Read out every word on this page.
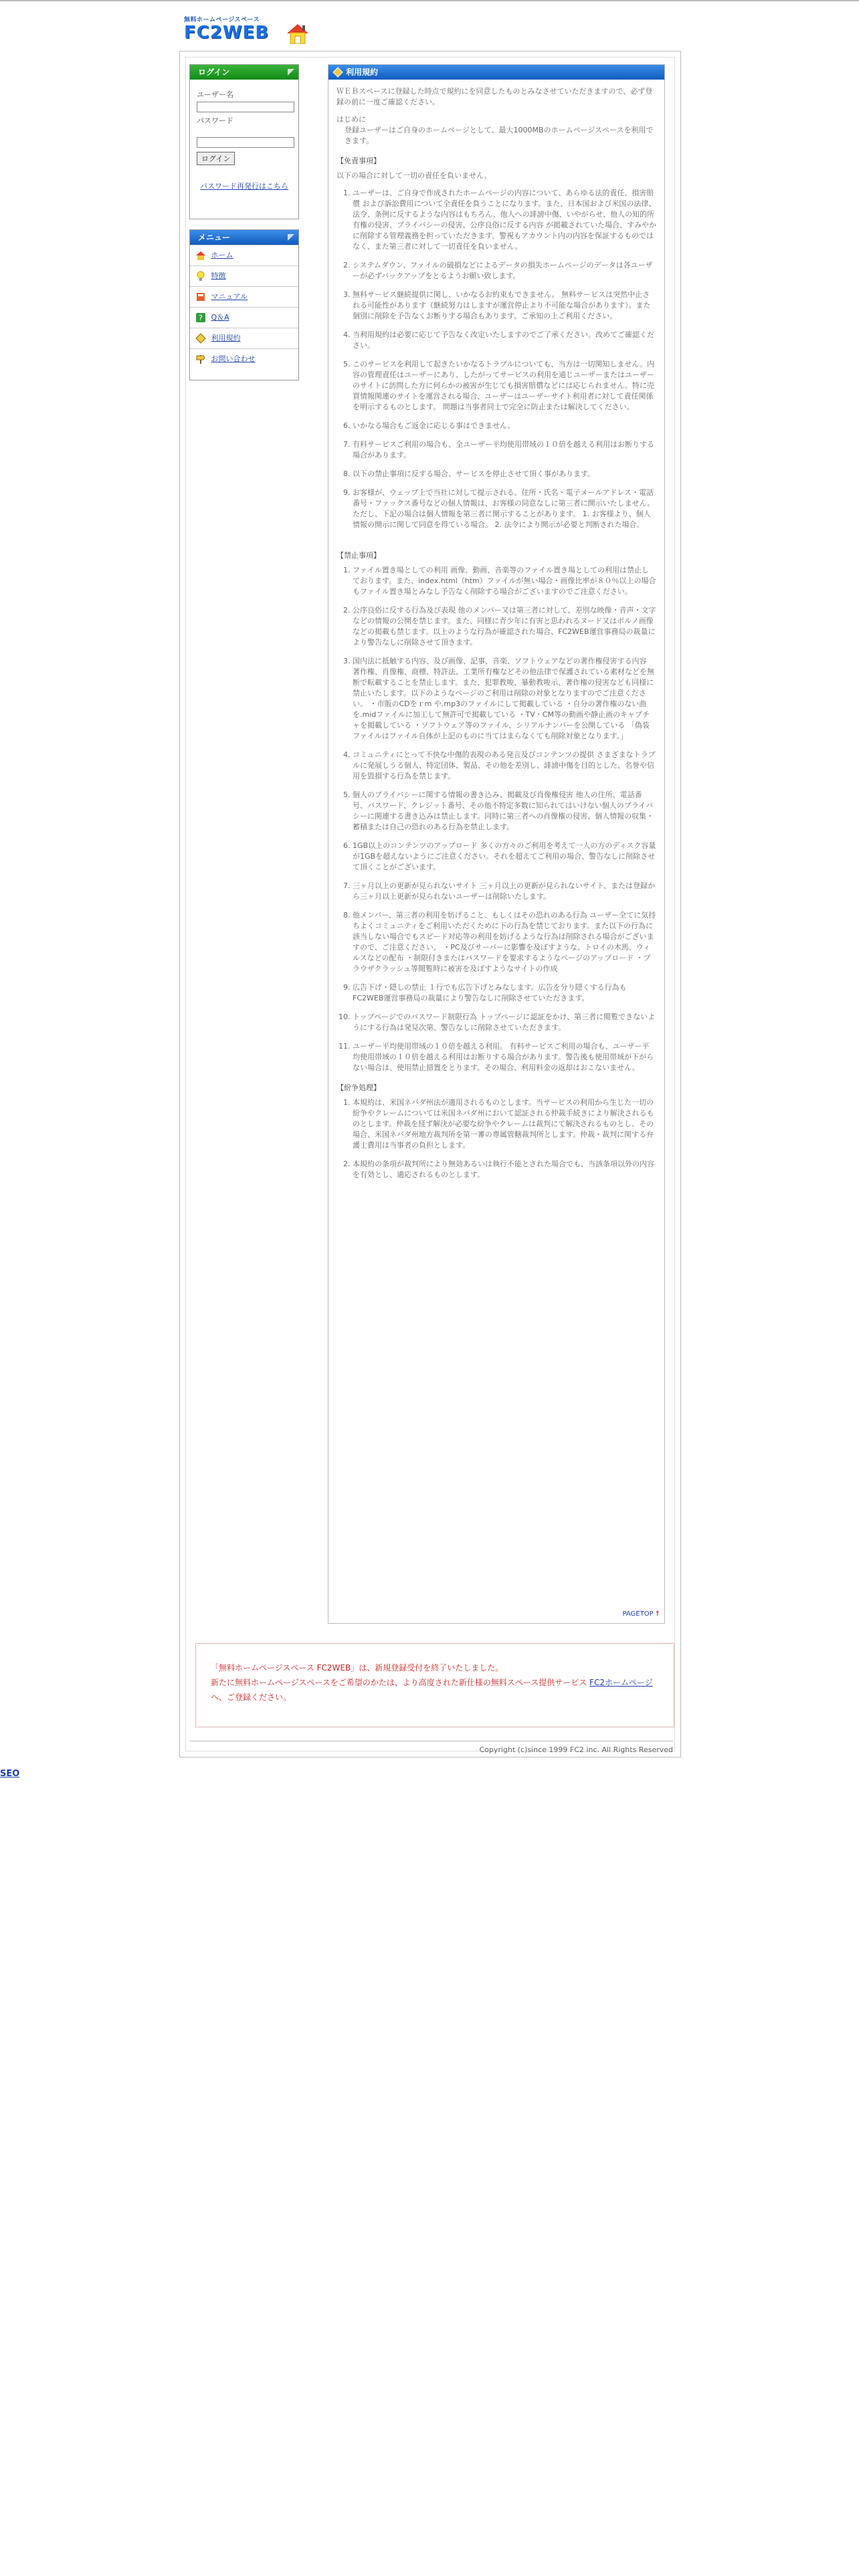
無料ホームページスペース
FC2WEB
ログイン
ユーザー名
パスワード

ログイン
パスワード再発行はこちら
メニュー
ホーム
特徴
マニュアル
? Q＆A
利用規約
お問い合わせ
利用規約

ＷＥＢスペースに登録した時点で規約にを同意したものとみなさせていただきますので、必ず登録の前に一度ご確認ください。

はじめに

登録ユーザーはご自身のホームページとして、最大1000MBのホームページスペースを利用できます。

【免責事項】

以下の場合に対して一切の責任を負いません。

1. ユーザーは、ご自身で作成されたホームページの内容について、あらゆる法的責任、損害賠償 および訴訟費用について全責任を負うことになります。また、日本国および米国の法律、法令、条例に反するような内容はもちろん、他人への誹謗中傷、いやがらせ、他人の知的所有権の侵害、プライバシーの侵害、公序良俗に反する内容 が掲載されていた場合、すみやかに削除する管理義務を担っていただきます。警視もアカウント内の内容を保証するものではなく、また第三者に対して一切責任を負いません。
2. システムダウン、ファイルの破損などによるデータの損失ホームページのデータは各ユーザーが必ずバックアップをとるようお願い致します。
3. 無料サービス継続提供に関し、いかなるお約束もできません。 無料サービスは突然中止される可能性があります（継続努力はしますが運営停止より不可能な場合があります）。また個別に削除を予告なくお断りする場合もあります。ご承知の上ご利用ください。
4. 当利用規約は必要に応じて予告なく改定いたしますのでご了承ください。改めてご確認ください。
5. このサービスを利用して起きたいかなるトラブルについても、当方は一切関知しません。内容の管理責任はユーザーにあり、したがってサービスの利用を通じユーザーまたはユーザーのサイトに訪問した方に何らかの被害が生じても損害賠償などには応じられません。特に売買情報関連のサイトを運営される場合、ユーザーはユーザーサイト利用者に対して責任関係を明示するものとします。 問題は当事者同士で完全に防止または解決してください。
6. いかなる場合もご返金に応じる事はできません。
7. 有料サービスご利用の場合も、全ユーザー平均使用帯域の１０倍を越える利用はお断りする場合があります。
8. 以下の禁止事項に反する場合、サービスを停止させて頂く事があります。
9. お客様が、ウェッブ上で当社に対して提示される、住所・氏名・電子メールアドレス・電話番号・ファックス番号などの個人情報は、お客様の同意なしに第三者に開示いたしません。 ただし、下記の場合は個人情報を第三者に開示することがあります。 1. お客様より、個人情報の開示に関して同意を得ている場合。 2. 法令により開示が必要と判断された場合。
【禁止事項】
1. ファイル置き場としての利用 画像、動画、音楽等のファイル置き場としての利用は禁止しております。また、index.html（htm）ファイルが無い場合・画像比率が８０％以上の場合もファイル置き場とみなし予告なく削除する場合がございますのでご注意ください。
2. 公序良俗に反する行為及び表現 他のメンバー又は第三者に対して、差別な映像・音声・文字などの情報の公開を禁じます。また、同様に青少年に有害と思われるヌード又はポルノ画像などの掲載も禁じます。以上のような行為が確認された場合、FC2WEB運営事務局の裁量により警告なしに削除させて頂きます。
3. 国内法に抵触する内容、及び画像、記事、音楽、ソフトウェアなどの著作権侵害する内容 著作権、肖像権、商標、特許法、工業所有権などその他法律で保護されている素材などを無断で転載することを禁止します。また、犯罪教唆、暴動教唆示、著作権の侵害なども同様に禁止いたします。以下のようなページのご利用は削除の対象となりますのでご注意ください。 ・市販のCDをｒm や.mp3のファイルにして掲載している ・自分の著作権のない曲を.midファイルに加工して無許可で掲載している ・TV・CM等の動画や静止画のキャプチャを掲載している ・ソフトウェア等のファイル、シリアルナンバーを公開している 「偽装ファイルはファイル自体が上記のものに当てはまらなくても削除対象となります。」
4. コミュニティにとって不快な中傷的表現のある発言及びコンテンツの提供 さまざまなトラブルに発展しうる個人、特定団体、製品、その他を差別し、誹謗中傷を目的とした、名誉や信用を毀損する行為を禁じます。
5. 個人のプライバシーに関する情報の書き込み、掲載及び肖像権侵害 他人の住所、電話番号、パスワード、クレジット番号、その他不特定多数に知られてはいけない個人のプライバシーに関連する書き込みは禁止します。同時に第三者への肖像権の侵害、個人情報の収集・蓄積または自己の恐れのある行為を禁止します。
6. 1GB以上のコンテンツのアップロード 多くの方々のご利用を考えて一人の方のディスク容量が1GBを超えないようにご注意ください。それを超えてご利用の場合、警告なしに削除させて頂くことがございます。
7. 三ヶ月以上の更新が見られないサイト 三ヶ月以上の更新が見られないサイト、または登録から三ヶ月以上更新が見られないユーザーは削除いたします。
8. 他メンバー、第三者の利用を妨げること、もしくはその恐れのある行為 ユーザー全てに気持ちよくコミュニティをご利用いただくために下の行為を禁じております。また以下の行為に該当しない場合でもスピード対応等の利用を妨げるような行為は削除される場合がございますので、ご注意ください。 ・PC及びサーバーに影響を及ぼすような、トロイの木馬、ウィルスなどの配布 ・制限付きまたはパスワードを要求するようなページのアップロード ・ブラウザクラッシュ等閲覧時に被害を及ぼすようなサイトの作成
9. 広告下げ・隠しの禁止 １行でも広告下げとみなします。広告を分り隠くする行為もFC2WEB運営事務局の裁量により警告なしに削除させていただきます。
10. トップページでのパスワード制限行為 トップページに認証をかけ、第三者に閲覧できないようにする行為は発見次第、警告なしに削除させていただきます。
11. ユーザー平均使用帯域の１０倍を越える利用。 有料サービスご利用の場合も、ユーザー平均使用帯域の１０倍を越える利用はお断りする場合があります。警告後も使用帯域が下がらない場合は、使用禁止措置をとります。その場合、利用料金の返却はおこないません。
【紛争処理】
1. 本規約は、米国ネバダ州法が適用されるものとします。当サービスの利用から生じた一切の紛争やクレームについては米国ネバダ州において認証される仲裁手続きにより解決されるものとします。仲裁を経ず解決が必要な紛争やクレームは裁判にて解決されるものとし、その場合、米国ネバダ州地方裁判所を第一審の専属管轄裁判所とします。仲裁・裁判に関する弁護士費用は当事者の負担とします。
2. 本規約の条項が裁判所により無効あるいは執行不能とされた場合でも、当該条項以外の内容を有効とし、適応されるものとします。
PAGETOP ↑
「無料ホームページスペース FC2WEB」は、新規登録受付を終了いたしました。
新たに無料ホームページスペースをご希望のかたは、より高度された新仕様の無料スペース提供サービス FC2ホームページ へ、ご登録ください。
Copyright (c)since 1999 FC2 inc. All Rights Reserved
SEO
